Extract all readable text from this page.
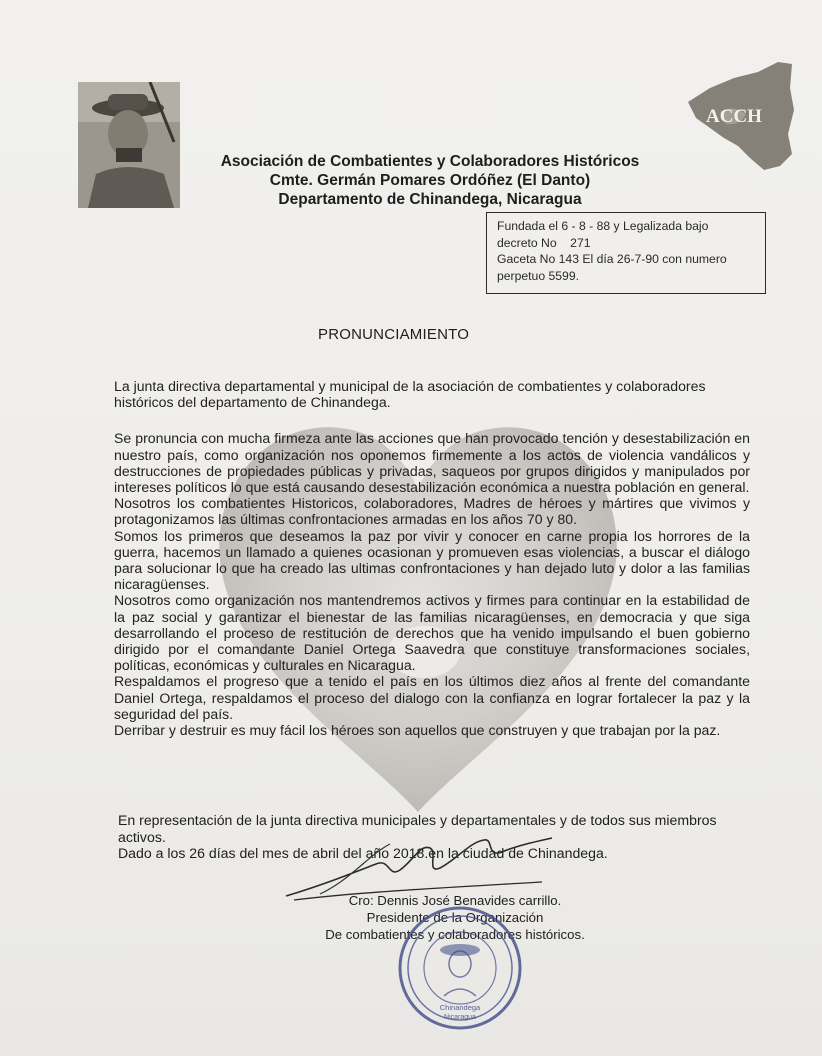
ACCH
Asociación de Combatientes y Colaboradores Históricos
Cmte. Germán Pomares Ordóñez (El Danto)
Departamento de Chinandega, Nicaragua
Fundada el 6 - 8 - 88 y Legalizada bajo
decreto No    271
Gaceta No 143 El día 26-7-90 con numero
perpetuo 5599.
PRONUNCIAMIENTO

La junta directiva departamental y municipal de la asociación de combatientes y colaboradores históricos del departamento de Chinandega.

Se pronuncia con mucha firmeza ante las acciones que han provocado tención y desestabilización en nuestro país, como organización nos oponemos firmemente a los actos de violencia vandálicos y destrucciones de propiedades públicas y privadas, saqueos por grupos dirigidos y manipulados por intereses políticos lo que está causando desestabilización económica a nuestra población en general.

Nosotros los combatientes Historicos, colaboradores, Madres de héroes y mártires que vivimos y protagonizamos las últimas confrontaciones armadas en los años 70 y 80.

Somos los primeros que deseamos la paz por vivir y conocer en carne propia los horrores de la guerra, hacemos un llamado a quienes ocasionan y promueven esas violencias, a buscar el diálogo para solucionar lo que ha creado las ultimas confrontaciones y han dejado luto y dolor a las familias nicaragüenses.

Nosotros como organización nos mantendremos activos y firmes para continuar en la estabilidad de la paz social y garantizar el bienestar de las familias nicaragüenses, en democracia y que siga desarrollando el proceso de restitución de derechos que ha venido impulsando el buen gobierno dirigido por el comandante Daniel Ortega Saavedra que constituye transformaciones sociales, políticas, económicas y culturales en Nicaragua.

Respaldamos el progreso que a tenido el país en los últimos diez años al frente del comandante Daniel Ortega, respaldamos el proceso del dialogo con la confianza en lograr fortalecer la paz y la seguridad del país.

Derribar y destruir es muy fácil los héroes son aquellos que construyen y que trabajan por la paz.

En representación de la junta directiva municipales y departamentales y de todos sus miembros activos.

Dado a los 26 días del mes de abril del año 2018.en la ciudad de Chinandega.

Cro: Dennis José Benavides carrillo.
Presidente de la Organización
De combatientes y colaboradores históricos.
Chinandega
Nicaragua
